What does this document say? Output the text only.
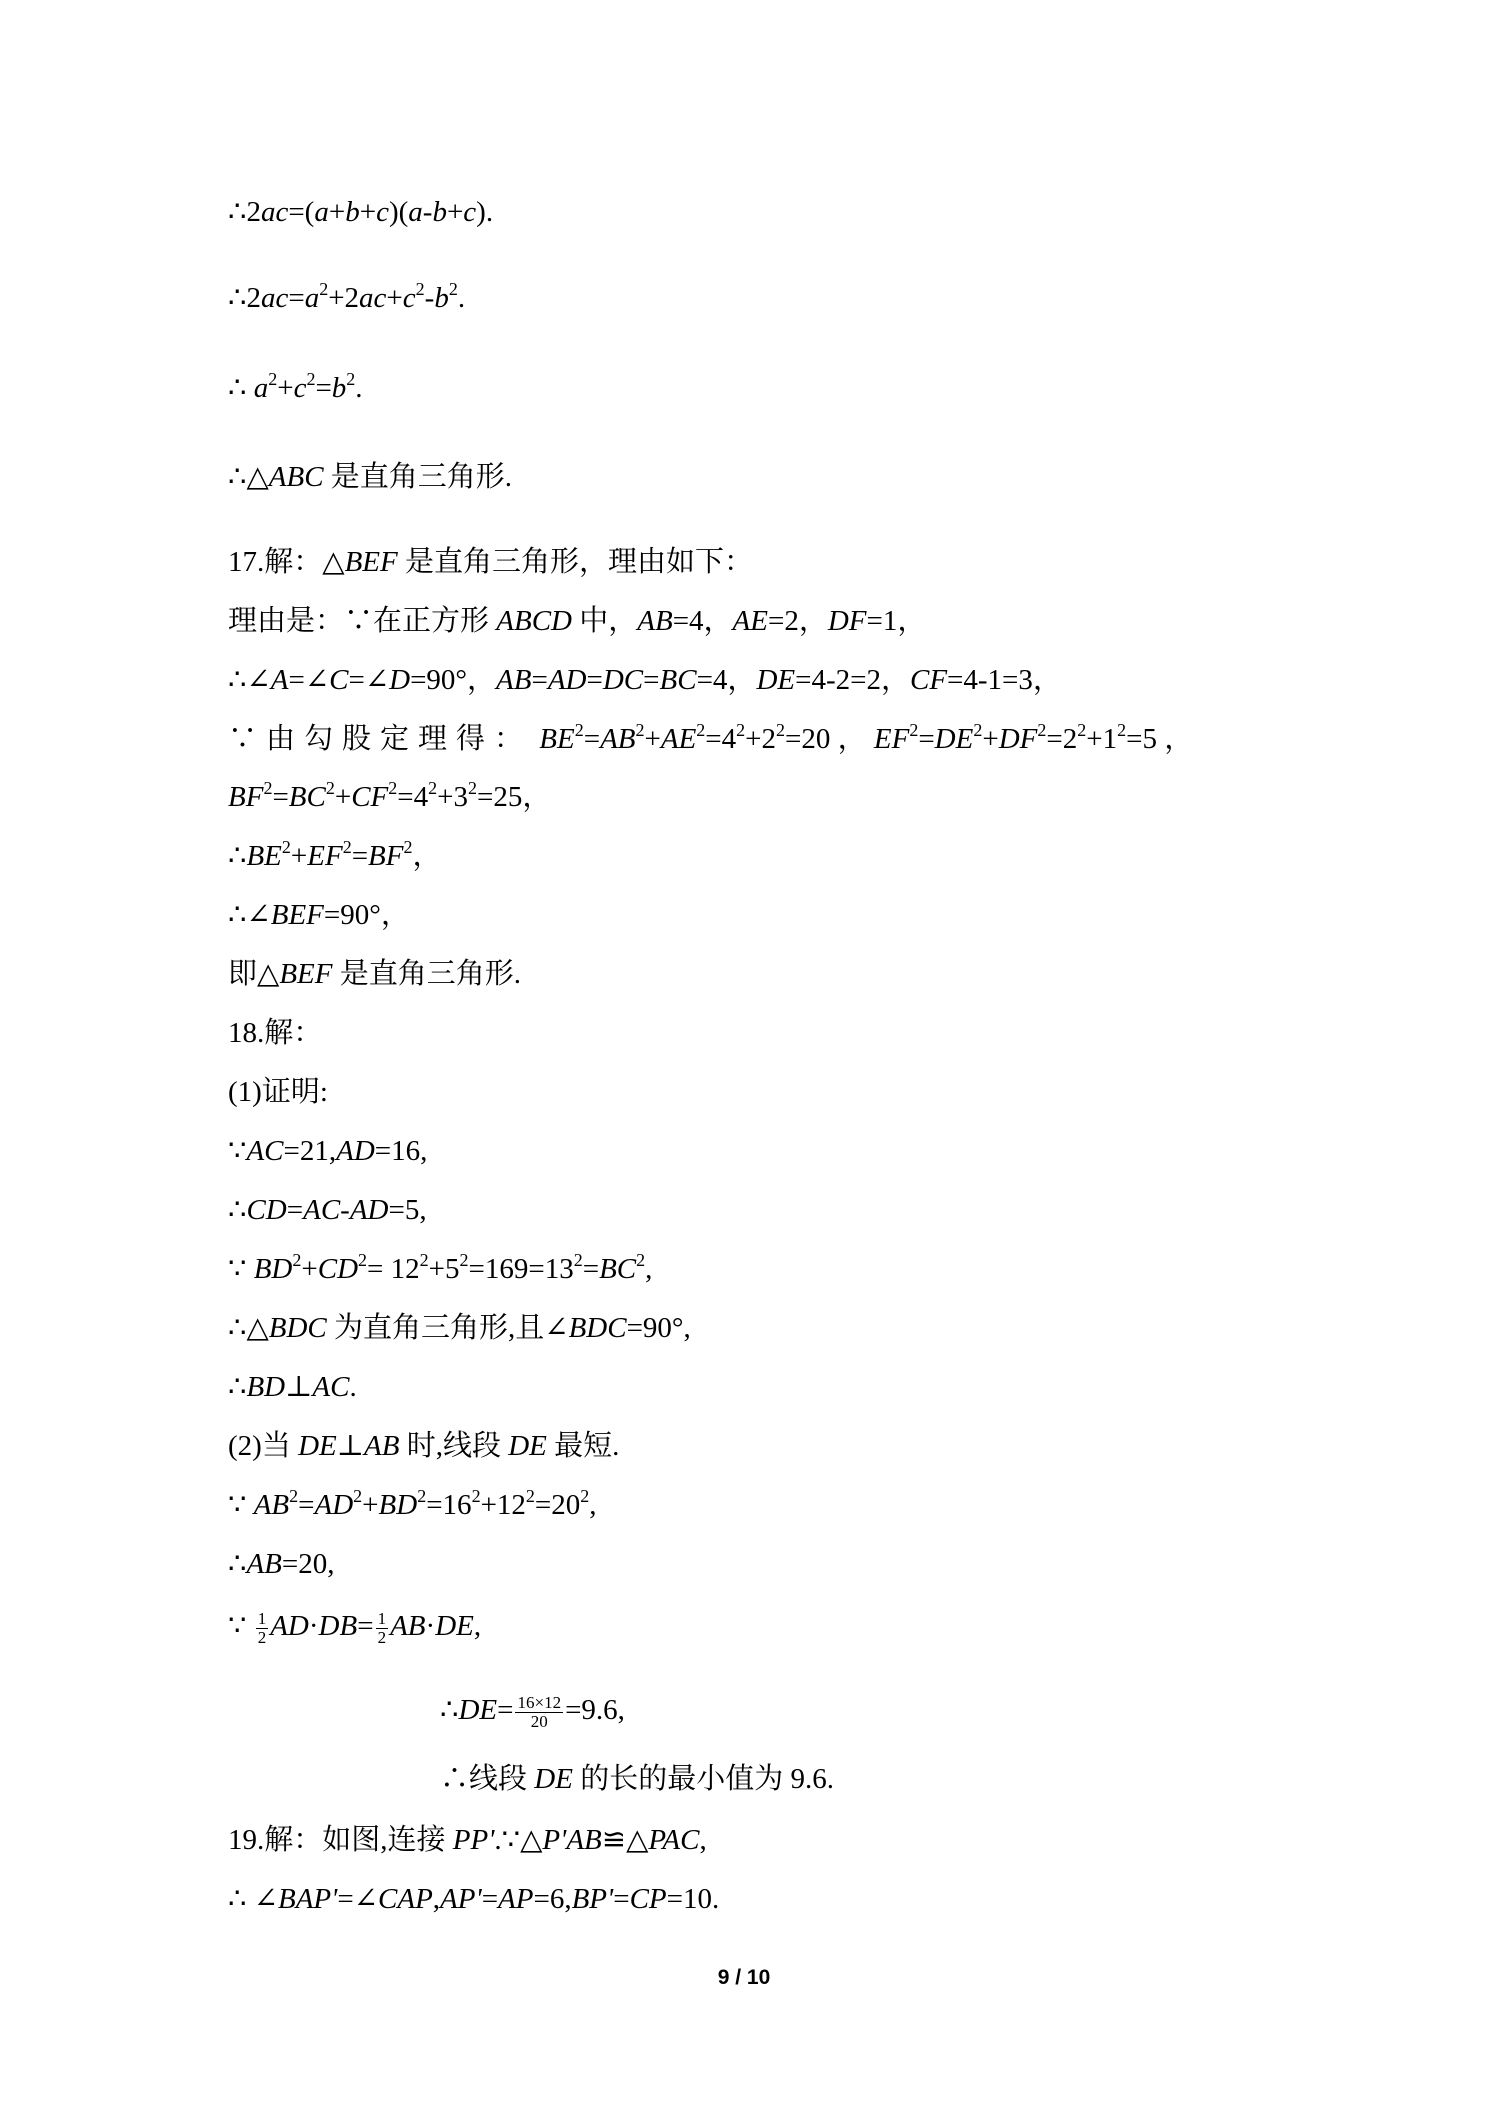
∴2ac=(a+b+c)(a-b+c).
$\therefore 2ac=a^2+2ac+c^2-b^2$.
∴ $a^2+c^2=b^2$.
∴△ABC 是直角三角形.
17.解：△BEF 是直角三角形，理由如下：
理由是：∵在正方形 ABCD 中，AB=4，AE=2，DF=1，
∴∠A=∠C=∠D=90°，AB=AD=DC=BC=4，DE=4-2=2，CF=4-1=3，
∵由勾股定理得： $BE^2=AB^2+AE^2=4^2+2^2=20$ ， $EF^2=DE^2+DF^2=2^2+1^2=5$ ，
$BF^2=BC^2+CF^2=4^2+3^2=25$，
$\therefore BE^2+EF^2=BF^2$，
∴∠BEF=90°，
即△BEF 是直角三角形.
18.解：
(1)证明:
∵AC=21,AD=16,
∴CD=AC-AD=5,
∵ $BD^2+CD^2= 12^2+5^2=169=13^2=BC^2$,
∴△BDC 为直角三角形,且∠BDC=90°,
∴BD⊥AC.
(2)当 DE⊥AB 时,线段 DE 最短.
∵ $AB^2=AD^2+BD^2=16^2+12^2=20^2$,
∴AB=20,
∵ $\frac{1}{2} AD\cdot DB= \frac{1}{2} AB\cdot DE$,
∴DE= $\frac{16\times 12}{20} =9.6$,
∴线段 DE 的长的最小值为 9.6.
19.解：如图,连接 PP'.∵△P'AB≌△PAC,
∴ ∠BAP'=∠CAP,AP'=AP=6,BP'=CP=10.
9 / 10
